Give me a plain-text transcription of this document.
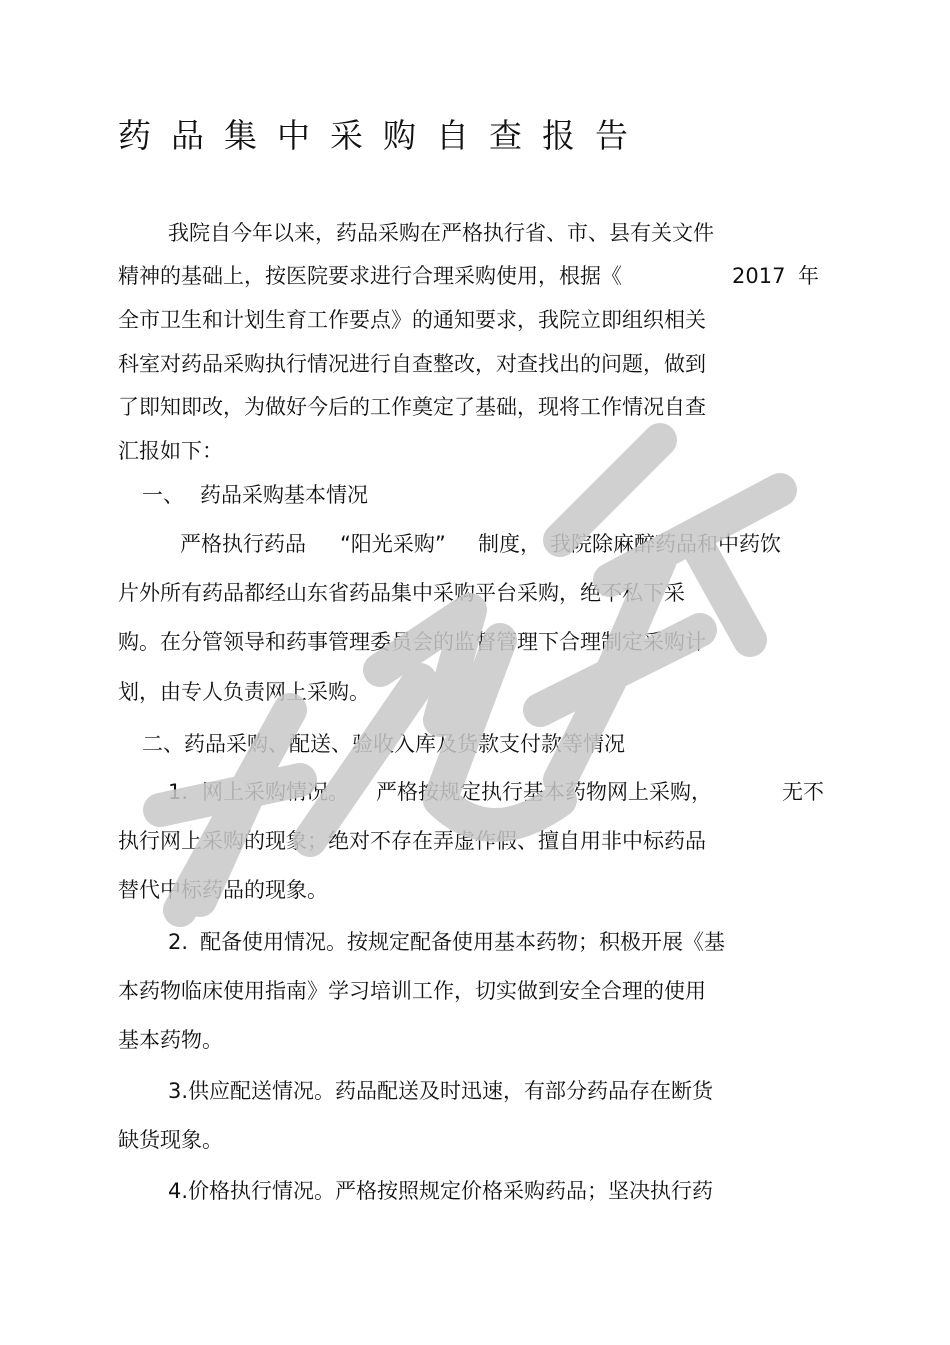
药 品 集 中 采 购 自 查 报 告
我院自今年以来，药品采购在严格执行省、市、县有关文件
精神的基础上，按医院要求进行合理采购使用，根据《	2017 年
全市卫生和计划生育工作要点》的通知要求，我院立即组织相关
科室对药品采购执行情况进行自查整改，对查找出的问题，做到
了即知即改，为做好今后的工作奠定了基础，现将工作情况自查
汇报如下：
一、 药品采购基本情况
严格执行药品 “阳光采购” 制度， 我院除麻醉药品和中药饮
片外所有药品都经山东省药品集中采购平台采购，绝不私下采
购。在分管领导和药事管理委员会的监督管理下合理制定采购计
划，由专人负责网上采购。
二、药品采购、配送、验收入库及货款支付款等情况
1. 网上采购情况。 严格按规定执行基本药物网上采购，	无不
执行网上采购的现象；绝对不存在弄虚作假、擅自用非中标药品
替代中标药品的现象。
2. 配备使用情况。按规定配备使用基本药物；积极开展《基
本药物临床使用指南》学习培训工作，切实做到安全合理的使用
基本药物。
3.供应配送情况。药品配送及时迅速，有部分药品存在断货
缺货现象。
4.价格执行情况。严格按照规定价格采购药品；坚决执行药
